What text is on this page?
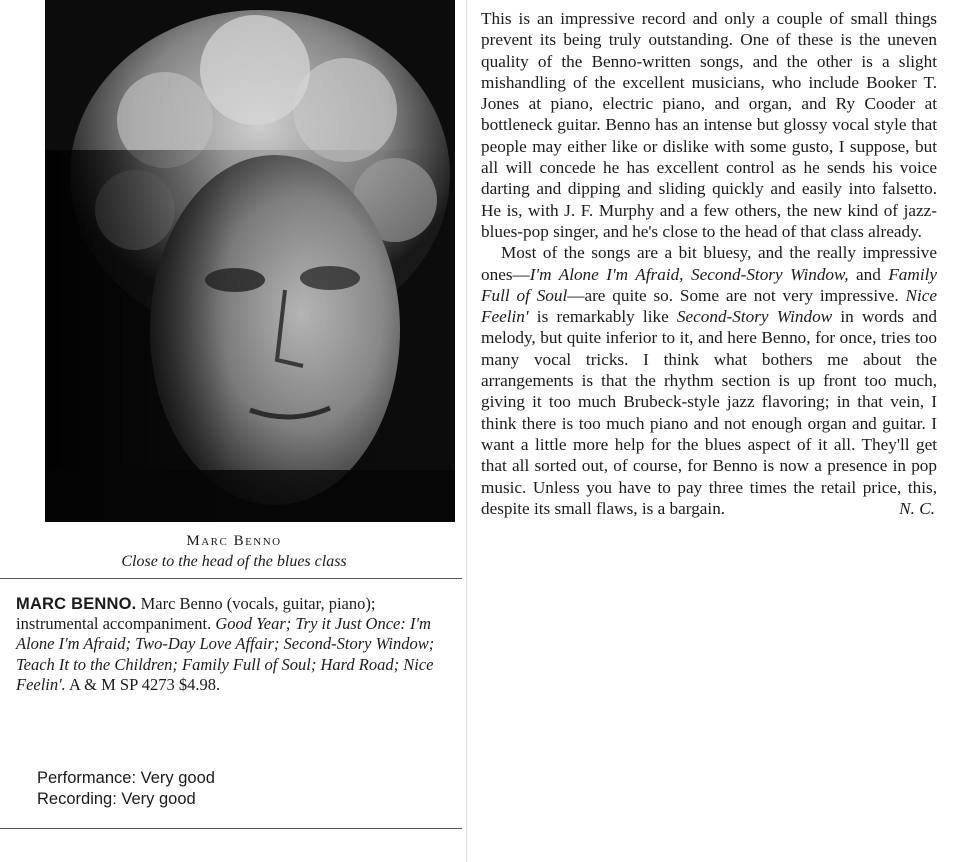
Marc Benno
Close to the head of the blues class
MARC BENNO. Marc Benno (vocals, guitar, piano); instrumental accompaniment. Good Year; Try it Just Once: I'm Alone I'm Afraid; Two-Day Love Affair; Second-Story Window; Teach It to the Children; Family Full of Soul; Hard Road; Nice Feelin'. A & M SP 4273 $4.98.
Performance: Very good
Recording: Very good

This is an impressive record and only a couple of small things prevent its being truly outstanding. One of these is the uneven quality of the Benno-written songs, and the other is a slight mishandling of the excellent musicians, who include Booker T. Jones at piano, electric piano, and organ, and Ry Cooder at bottleneck guitar. Benno has an intense but glossy vocal style that people may either like or dislike with some gusto, I suppose, but all will concede he has excellent control as he sends his voice darting and dipping and sliding quickly and easily into falsetto. He is, with J. F. Murphy and a few others, the new kind of jazz-blues-pop singer, and he's close to the head of that class already.

Most of the songs are a bit bluesy, and the really impressive ones—I'm Alone I'm Afraid, Second-Story Window, and Family Full of Soul—are quite so. Some are not very impressive. Nice Feelin' is remarkably like Second-Story Window in words and melody, but quite inferior to it, and here Benno, for once, tries too many vocal tricks. I think what bothers me about the arrangements is that the rhythm section is up front too much, giving it too much Brubeck-style jazz flavoring; in that vein, I think there is too much piano and not enough organ and guitar. I want a little more help for the blues aspect of it all. They'll get that all sorted out, of course, for Benno is now a presence in pop music. Unless you have to pay three times the retail price, this, despite its small flaws, is a bargain.	N. C.
